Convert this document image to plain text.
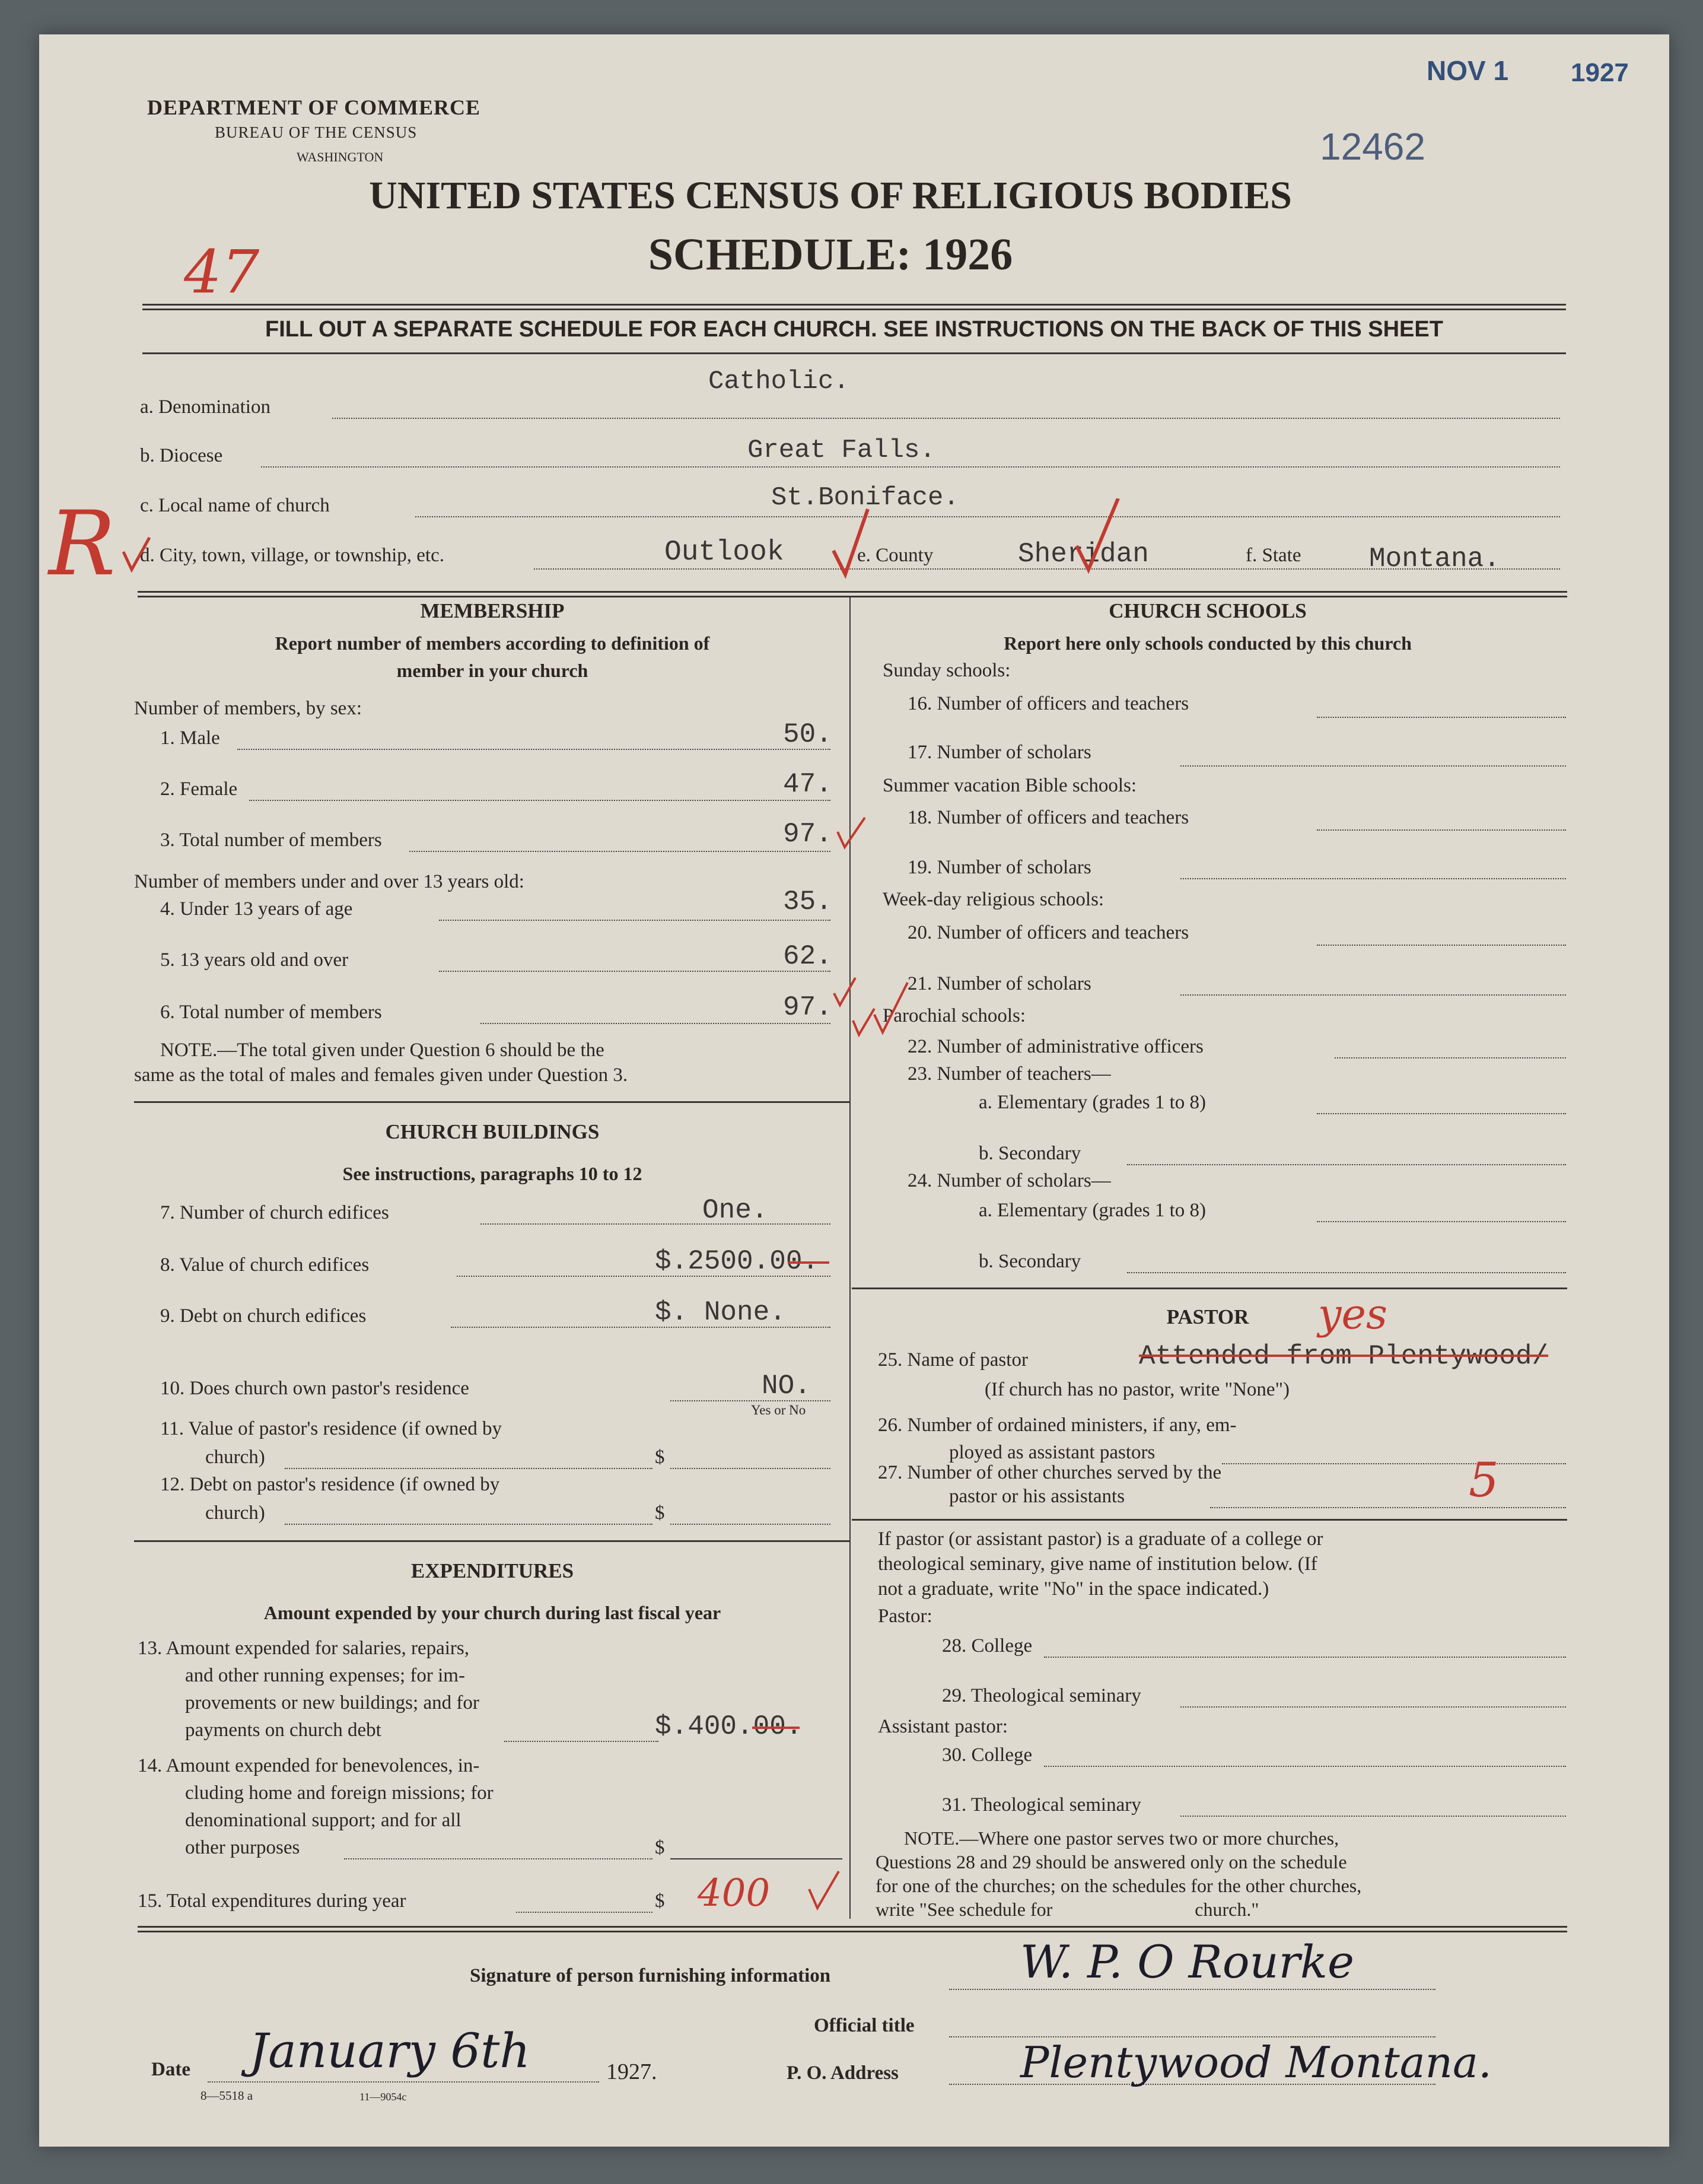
NOV 1 1927
12462
DEPARTMENT OF COMMERCE
BUREAU OF THE CENSUS
WASHINGTON
UNITED STATES CENSUS OF RELIGIOUS BODIES
SCHEDULE: 1926
47
FILL OUT A SEPARATE SCHEDULE FOR EACH CHURCH. SEE INSTRUCTIONS ON THE BACK OF THIS SHEET
Catholic.
a. Denomination
Great Falls.
b. Diocese
St.Boniface.
c. Local name of church
R d. City, town, village, or township, etc.	Outlook	e. County	Sheridan	f. State Montana.
MEMBERSHIP
Report number of members according to definition of
member in your church
Number of members, by sex:
1. Male	50.
2. Female	47.
3. Total number of members	97.
Number of members under and over 13 years old:
4. Under 13 years of age	35.
5. 13 years old and over	62.
6. Total number of members	97.
NOTE.—The total given under Question 6 should be the
same as the total of males and females given under Question 3.
CHURCH BUILDINGS
See instructions, paragraphs 10 to 12
7. Number of church edifices	One.
8. Value of church edifices	$.2500.00.
9. Debt on church edifices	$. None.
10. Does church own pastor's residence	NO.
Yes or No
11. Value of pastor's residence (if owned by
church)	$
12. Debt on pastor's residence (if owned by
church)	$
EXPENDITURES
Amount expended by your church during last fiscal year
13. Amount expended for salaries, repairs,
and other running expenses; for im-
provements or new buildings; and for
payments on church debt	$.400.00.
14. Amount expended for benevolences, in-
cluding home and foreign missions; for
denominational support; and for all
other purposes	$
15. Total expenditures during year	$ 400
CHURCH SCHOOLS
Report here only schools conducted by this church
Sunday schools:
16. Number of officers and teachers
17. Number of scholars
Summer vacation Bible schools:
18. Number of officers and teachers
19. Number of scholars
Week-day religious schools:
20. Number of officers and teachers
21. Number of scholars
Parochial schools:
22. Number of administrative officers
23. Number of teachers—
a. Elementary (grades 1 to 8)
b. Secondary
24. Number of scholars—
a. Elementary (grades 1 to 8)
b. Secondary
PASTOR	yes
25. Name of pastor	Attended from Plentywood/
(If church has no pastor, write "None")
26. Number of ordained ministers, if any, em-
ployed as assistant pastors
27. Number of other churches served by the
pastor or his assistants	5
If pastor (or assistant pastor) is a graduate of a college or
theological seminary, give name of institution below. (If
not a graduate, write "No" in the space indicated.)
Pastor:
28. College
29. Theological seminary
Assistant pastor:
30. College
31. Theological seminary
NOTE.—Where one pastor serves two or more churches,
Questions 28 and 29 should be answered only on the schedule
for one of the churches; on the schedules for the other churches,
write "See schedule for                              church."
Signature of person furnishing information	W. P. O Rourke
Official title
Date January 6th	1927.	P. O. Address	Plentywood Montana.
8—5518 a	11—9054c
